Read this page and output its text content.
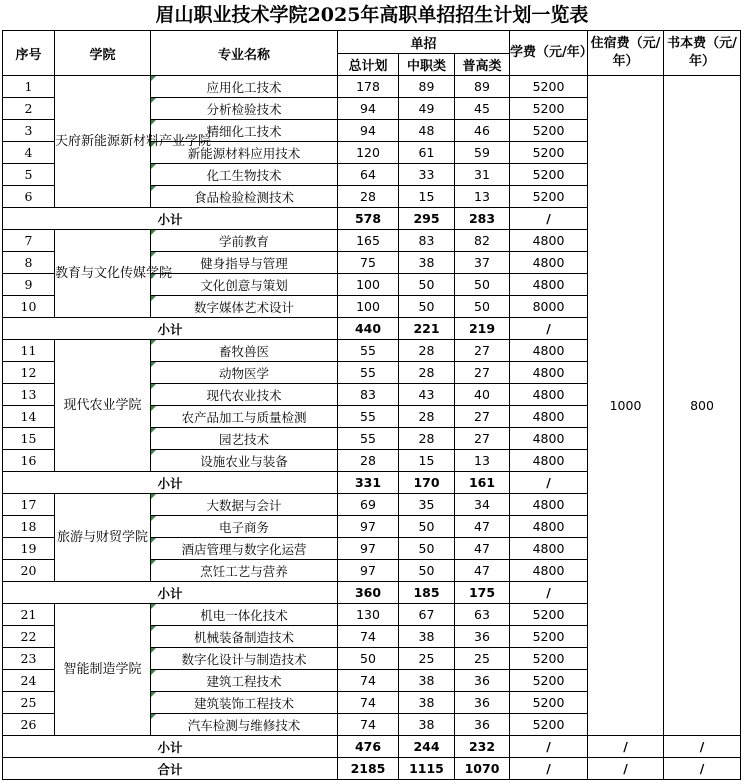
眉山职业技术学院2025年高职单招招生计划一览表
序号	学院	专业名称	单招			学费（元/年）	住宿费（元/年）	书本费（元/年）
			总计划	中职类	普高类			
1	天府新能源新材料产业学院	应用化工技术	178	89	89	5200	1000	800
2		分析检验技术	94	49	45	5200		
3		精细化工技术	94	48	46	5200		
4		新能源材料应用技术	120	61	59	5200		
5		化工生物技术	64	33	31	5200		
6		食品检验检测技术	28	15	13	5200		
小计			578	295	283	/		
7	教育与文化传媒学院	学前教育	165	83	82	4800		
8		健身指导与管理	75	38	37	4800		
9		文化创意与策划	100	50	50	4800		
10		数字媒体艺术设计	100	50	50	8000		
小计			440	221	219	/		
11	现代农业学院	畜牧兽医	55	28	27	4800		
12		动物医学	55	28	27	4800		
13		现代农业技术	83	43	40	4800		
14		农产品加工与质量检测	55	28	27	4800		
15		园艺技术	55	28	27	4800		
16		设施农业与装备	28	15	13	4800		
小计			331	170	161	/		
17	旅游与财贸学院	大数据与会计	69	35	34	4800		
18		电子商务	97	50	47	4800		
19		酒店管理与数字化运营	97	50	47	4800		
20		烹饪工艺与营养	97	50	47	4800		
小计			360	185	175	/		
21	智能制造学院	机电一体化技术	130	67	63	5200		
22		机械装备制造技术	74	38	36	5200		
23		数字化设计与制造技术	50	25	25	5200		
24		建筑工程技术	74	38	36	5200		
25		建筑装饰工程技术	74	38	36	5200		
26		汽车检测与维修技术	74	38	36	5200		
小计			476	244	232	/	/	/
合计			2185	1115	1070	/	/	/
